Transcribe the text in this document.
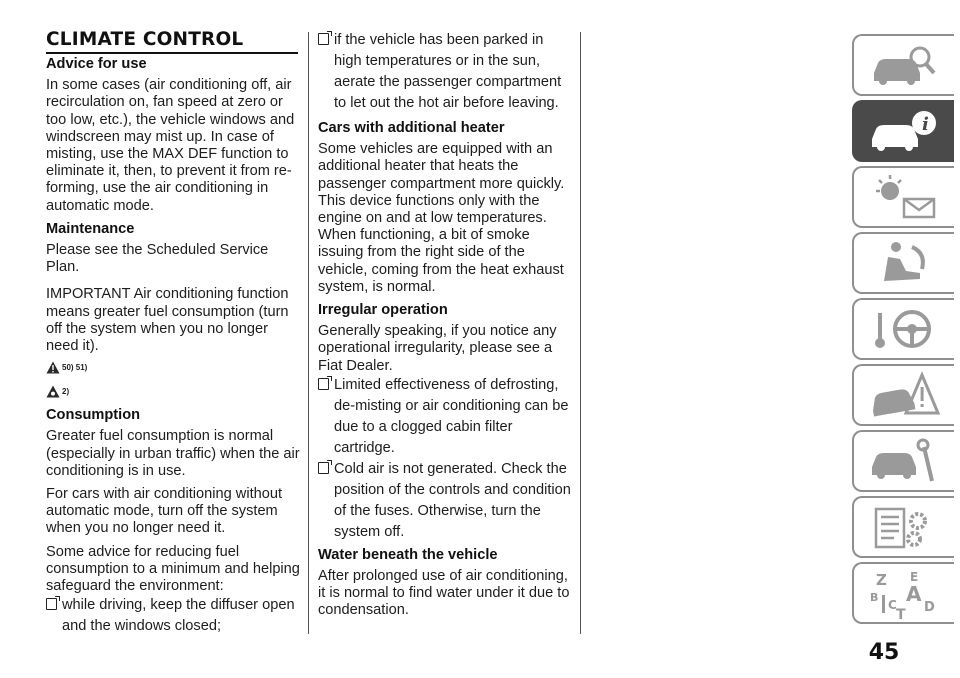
CLIMATE CONTROL
Advice for use
In some cases (air conditioning off, air recirculation on, fan speed at zero or too low, etc.), the vehicle windows and windscreen may mist up. In case of misting, use the MAX DEF function to eliminate it, then, to prevent it from re-forming, use the air conditioning in automatic mode.
Maintenance
Please see the Scheduled Service Plan.
IMPORTANT Air conditioning function means greater fuel consumption (turn off the system when you no longer need it).
50) 51)
2)
Consumption
Greater fuel consumption is normal (especially in urban traffic) when the air conditioning is in use.
For cars with air conditioning without automatic mode, turn off the system when you no longer need it.
Some advice for reducing fuel consumption to a minimum and helping safeguard the environment:
while driving, keep the diffuser open and the windows closed;
if the vehicle has been parked in high temperatures or in the sun, aerate the passenger compartment to let out the hot air before leaving.
Cars with additional heater
Some vehicles are equipped with an additional heater that heats the passenger compartment more quickly. This device functions only with the engine on and at low temperatures. When functioning, a bit of smoke issuing from the right side of the vehicle, coming from the heat exhaust system, is normal.
Irregular operation
Generally speaking, if you notice any operational irregularity, please see a Fiat Dealer.
Limited effectiveness of defrosting, de-misting or air conditioning can be due to a clogged cabin filter cartridge.
Cold air is not generated. Check the position of the controls and condition of the fuses. Otherwise, turn the system off.
Water beneath the vehicle
After prolonged use of air conditioning, it is normal to find water under it due to condensation.
i
Z E
B A
C D
T
45
